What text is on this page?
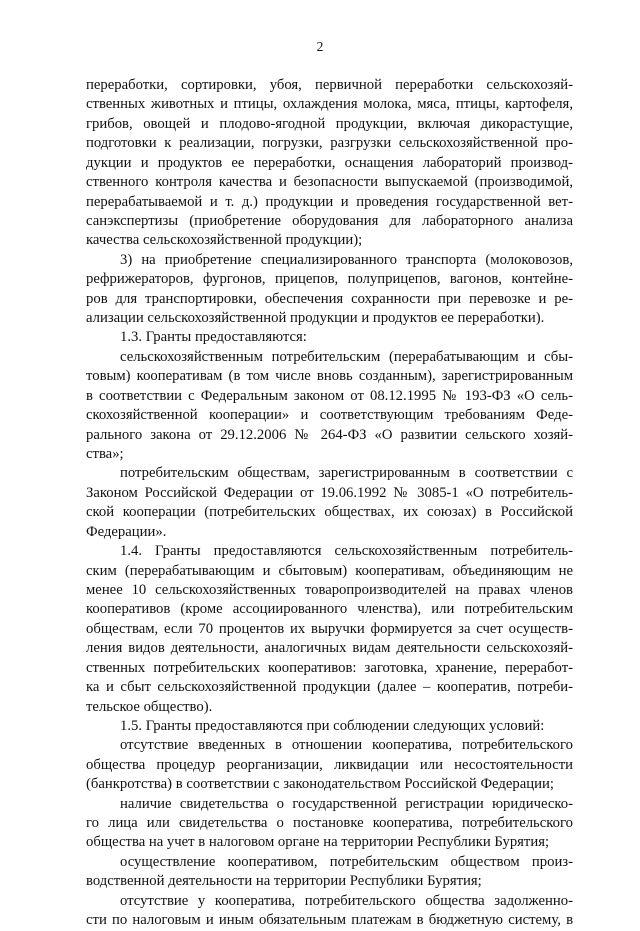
2
переработки, сортировки, убоя, первичной переработки сельскохозяй-
ственных животных и птицы, охлаждения молока, мяса, птицы, картофеля,
грибов, овощей и плодово-ягодной продукции, включая дикорастущие,
подготовки к реализации, погрузки, разгрузки сельскохозяйственной про-
дукции и продуктов ее переработки, оснащения лабораторий производ-
ственного контроля качества и безопасности выпускаемой (производимой,
перерабатываемой и т. д.) продукции и проведения государственной вет-
санэкспертизы (приобретение оборудования для лабораторного анализа
качества сельскохозяйственной продукции);
3) на приобретение специализированного транспорта (молоковозов,
рефрижераторов, фургонов, прицепов, полуприцепов, вагонов, контейне-
ров для транспортировки, обеспечения сохранности при перевозке и ре-
ализации сельскохозяйственной продукции и продуктов ее переработки).
1.3. Гранты предоставляются:
сельскохозяйственным потребительским (перерабатывающим и сбы-
товым) кооперативам (в том числе вновь созданным), зарегистрированным
в соответствии с Федеральным законом от 08.12.1995 № 193-ФЗ «О сель-
скохозяйственной кооперации» и соответствующим требованиям Феде-
рального закона от 29.12.2006 № 264-ФЗ «О развитии сельского хозяй-
ства»;
потребительским обществам, зарегистрированным в соответствии с
Законом Российской Федерации от 19.06.1992 № 3085-1 «О потребитель-
ской кооперации (потребительских обществах, их союзах) в Российской
Федерации».
1.4. Гранты предоставляются сельскохозяйственным потребитель-
ским (перерабатывающим и сбытовым) кооперативам, объединяющим не
менее 10 сельскохозяйственных товаропроизводителей на правах членов
кооперативов (кроме ассоциированного членства), или потребительским
обществам, если 70 процентов их выручки формируется за счет осуществ-
ления видов деятельности, аналогичных видам деятельности сельскохозяй-
ственных потребительских кооперативов: заготовка, хранение, переработ-
ка и сбыт сельскохозяйственной продукции (далее – кооператив, потреби-
тельское общество).
1.5. Гранты предоставляются при соблюдении следующих условий:
отсутствие введенных в отношении кооператива, потребительского
общества процедур реорганизации, ликвидации или несостоятельности
(банкротства) в соответствии с законодательством Российской Федерации;
наличие свидетельства о государственной регистрации юридическо-
го лица или свидетельства о постановке кооператива, потребительского
общества на учет в налоговом органе на территории Республики Бурятия;
осуществление кооперативом, потребительским обществом произ-
водственной деятельности на территории Республики Бурятия;
отсутствие у кооператива, потребительского общества задолженно-
сти по налоговым и иным обязательным платежам в бюджетную систему, в
